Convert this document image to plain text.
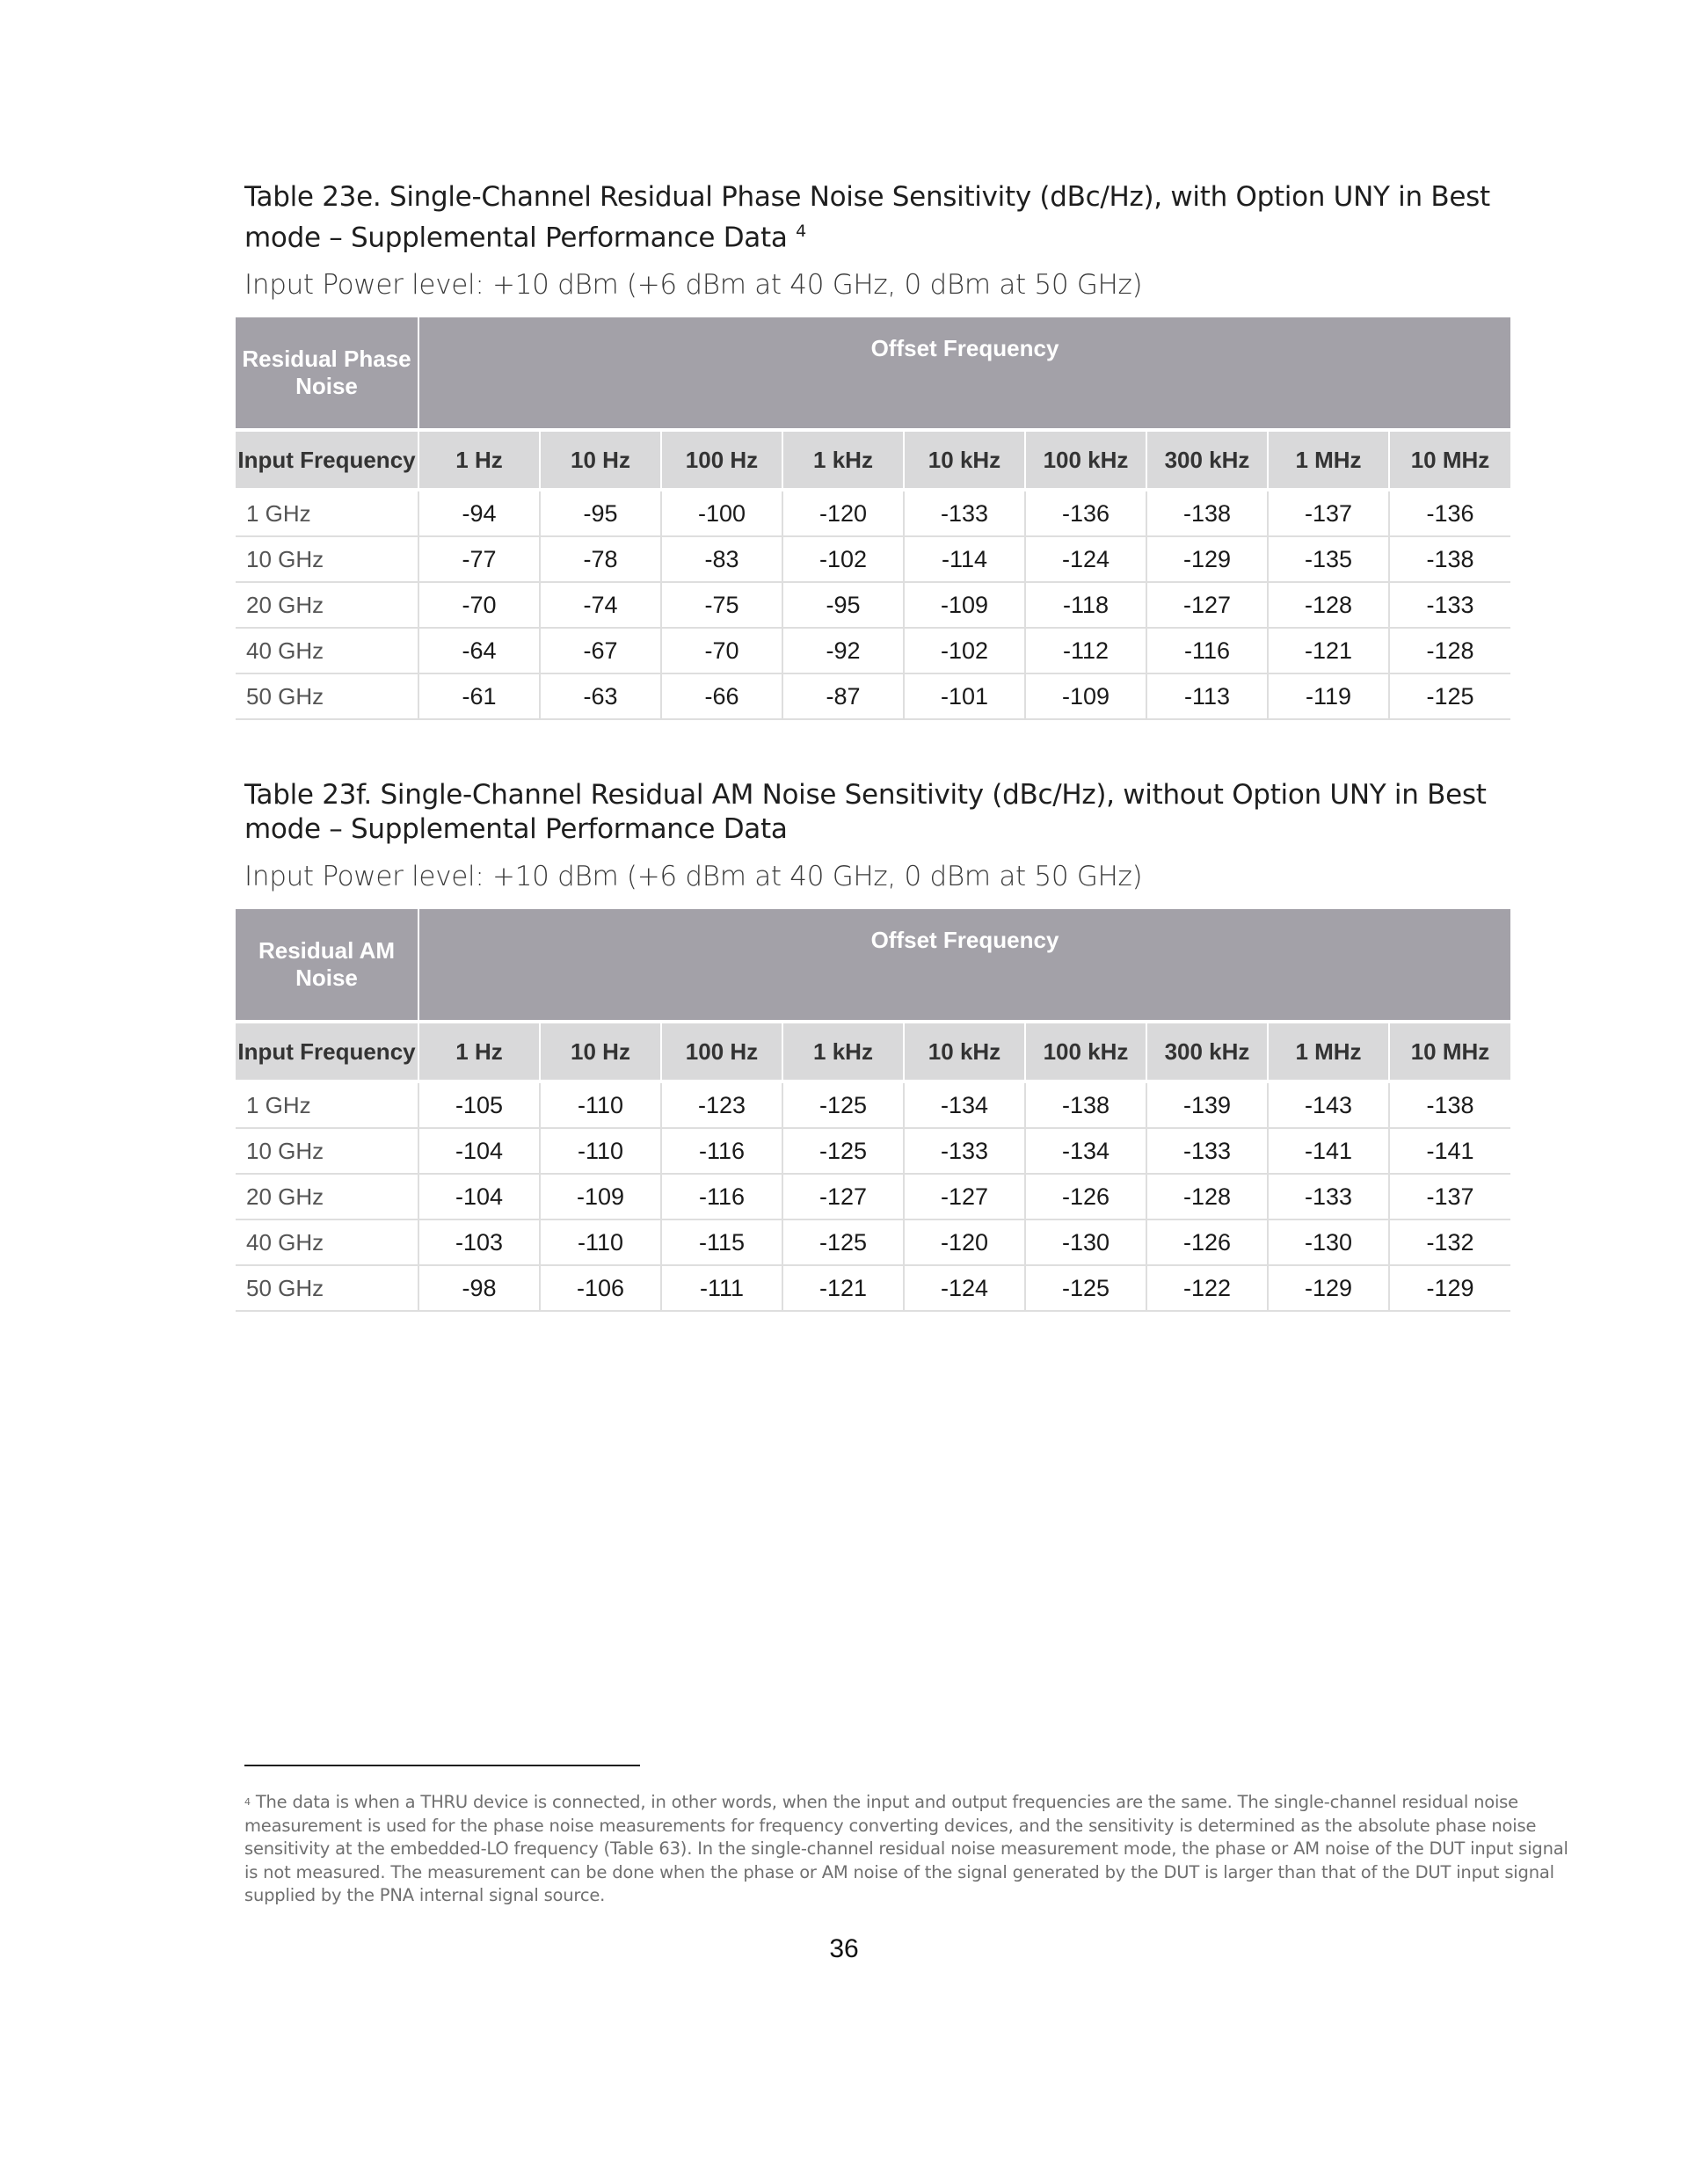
Table 23e. Single-Channel Residual Phase Noise Sensitivity (dBc/Hz), with Option UNY in Best mode – Supplemental Performance Data $^4$

Input Power level: +10 dBm (+6 dBm at 40 GHz, 0 dBm at 50 GHz)

Residual Phase Noise	Offset Frequency								
Input Frequency	1 Hz	10 Hz	100 Hz	1 kHz	10 kHz	100 kHz	300 kHz	1 MHz	10 MHz
1 GHz	-94	-95	-100	-120	-133	-136	-138	-137	-136
10 GHz	-77	-78	-83	-102	-114	-124	-129	-135	-138
20 GHz	-70	-74	-75	-95	-109	-118	-127	-128	-133
40 GHz	-64	-67	-70	-92	-102	-112	-116	-121	-128
50 GHz	-61	-63	-66	-87	-101	-109	-113	-119	-125
Table 23f. Single-Channel Residual AM Noise Sensitivity (dBc/Hz), without Option UNY in Best mode – Supplemental Performance Data

Input Power level: +10 dBm (+6 dBm at 40 GHz, 0 dBm at 50 GHz)

Residual AM Noise	Offset Frequency								
Input Frequency	1 Hz	10 Hz	100 Hz	1 kHz	10 kHz	100 kHz	300 kHz	1 MHz	10 MHz
1 GHz	-105	-110	-123	-125	-134	-138	-139	-143	-138
10 GHz	-104	-110	-116	-125	-133	-134	-133	-141	-141
20 GHz	-104	-109	-116	-127	-127	-126	-128	-133	-137
40 GHz	-103	-110	-115	-125	-120	-130	-126	-130	-132
50 GHz	-98	-106	-111	-121	-124	-125	-122	-129	-129

$^4$ The data is when a THRU device is connected, in other words, when the input and output frequencies are the same. The single-channel residual noise measurement is used for the phase noise measurements for frequency converting devices, and the sensitivity is determined as the absolute phase noise sensitivity at the embedded-LO frequency (Table 63). In the single-channel residual noise measurement mode, the phase or AM noise of the DUT input signal is not measured. The measurement can be done when the phase or AM noise of the signal generated by the DUT is larger than that of the DUT input signal supplied by the PNA internal signal source.

36
